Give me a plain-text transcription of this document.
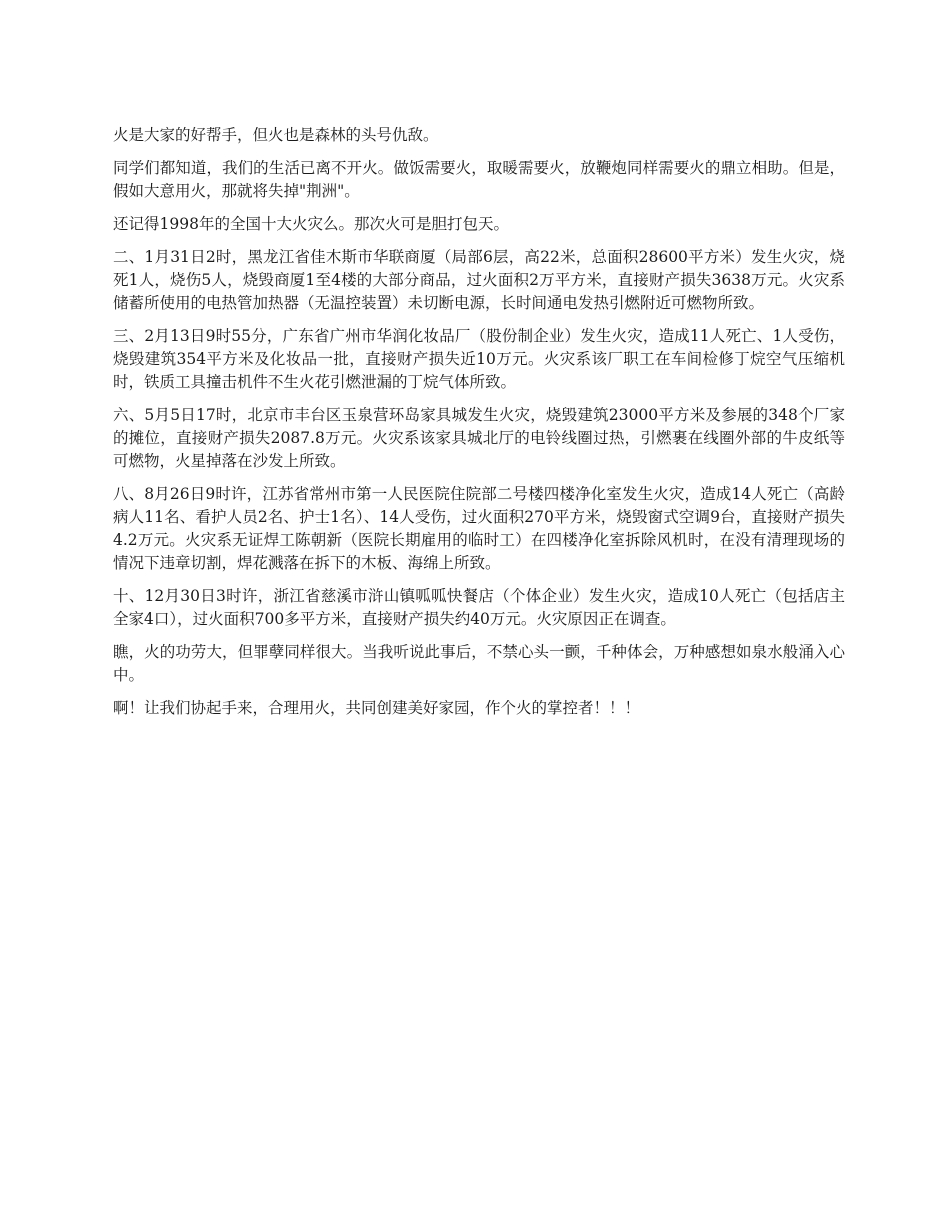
火是大家的好帮手，但火也是森林的头号仇敌。

同学们都知道，我们的生活已离不开火。做饭需要火，取暖需要火，放鞭炮同样需要火的鼎立相助。但是，假如大意用火，那就将失掉"荆洲"。

还记得1998年的全国十大火灾么。那次火可是胆打包天。

二、1月31日2时，黑龙江省佳木斯市华联商厦（局部6层，高22米，总面积28600平方米）发生火灾，烧死1人，烧伤5人，烧毁商厦1至4楼的大部分商品，过火面积2万平方米，直接财产损失3638万元。火灾系储蓄所使用的电热管加热器（无温控装置）未切断电源，长时间通电发热引燃附近可燃物所致。

三、2月13日9时55分，广东省广州市华润化妆品厂（股份制企业）发生火灾，造成11人死亡、1人受伤，烧毁建筑354平方米及化妆品一批，直接财产损失近10万元。火灾系该厂职工在车间检修丁烷空气压缩机时，铁质工具撞击机件不生火花引燃泄漏的丁烷气体所致。

六、5月5日17时，北京市丰台区玉泉营环岛家具城发生火灾，烧毁建筑23000平方米及参展的348个厂家的摊位，直接财产损失2087.8万元。火灾系该家具城北厅的电铃线圈过热，引燃裹在线圈外部的牛皮纸等可燃物，火星掉落在沙发上所致。

八、8月26日9时许，江苏省常州市第一人民医院住院部二号楼四楼净化室发生火灾，造成14人死亡（高龄病人11名、看护人员2名、护士1名）、14人受伤，过火面积270平方米，烧毁窗式空调9台，直接财产损失4.2万元。火灾系无证焊工陈朝新（医院长期雇用的临时工）在四楼净化室拆除风机时，在没有清理现场的情况下违章切割，焊花溅落在拆下的木板、海绵上所致。

十、12月30日3时许，浙江省慈溪市浒山镇呱呱快餐店（个体企业）发生火灾，造成10人死亡（包括店主全家4口），过火面积700多平方米，直接财产损失约40万元。火灾原因正在调查。

瞧，火的功劳大，但罪孽同样很大。当我听说此事后，不禁心头一颤，千种体会，万种感想如泉水般涌入心中。

啊！让我们协起手来，合理用火，共同创建美好家园，作个火的掌控者！！！
